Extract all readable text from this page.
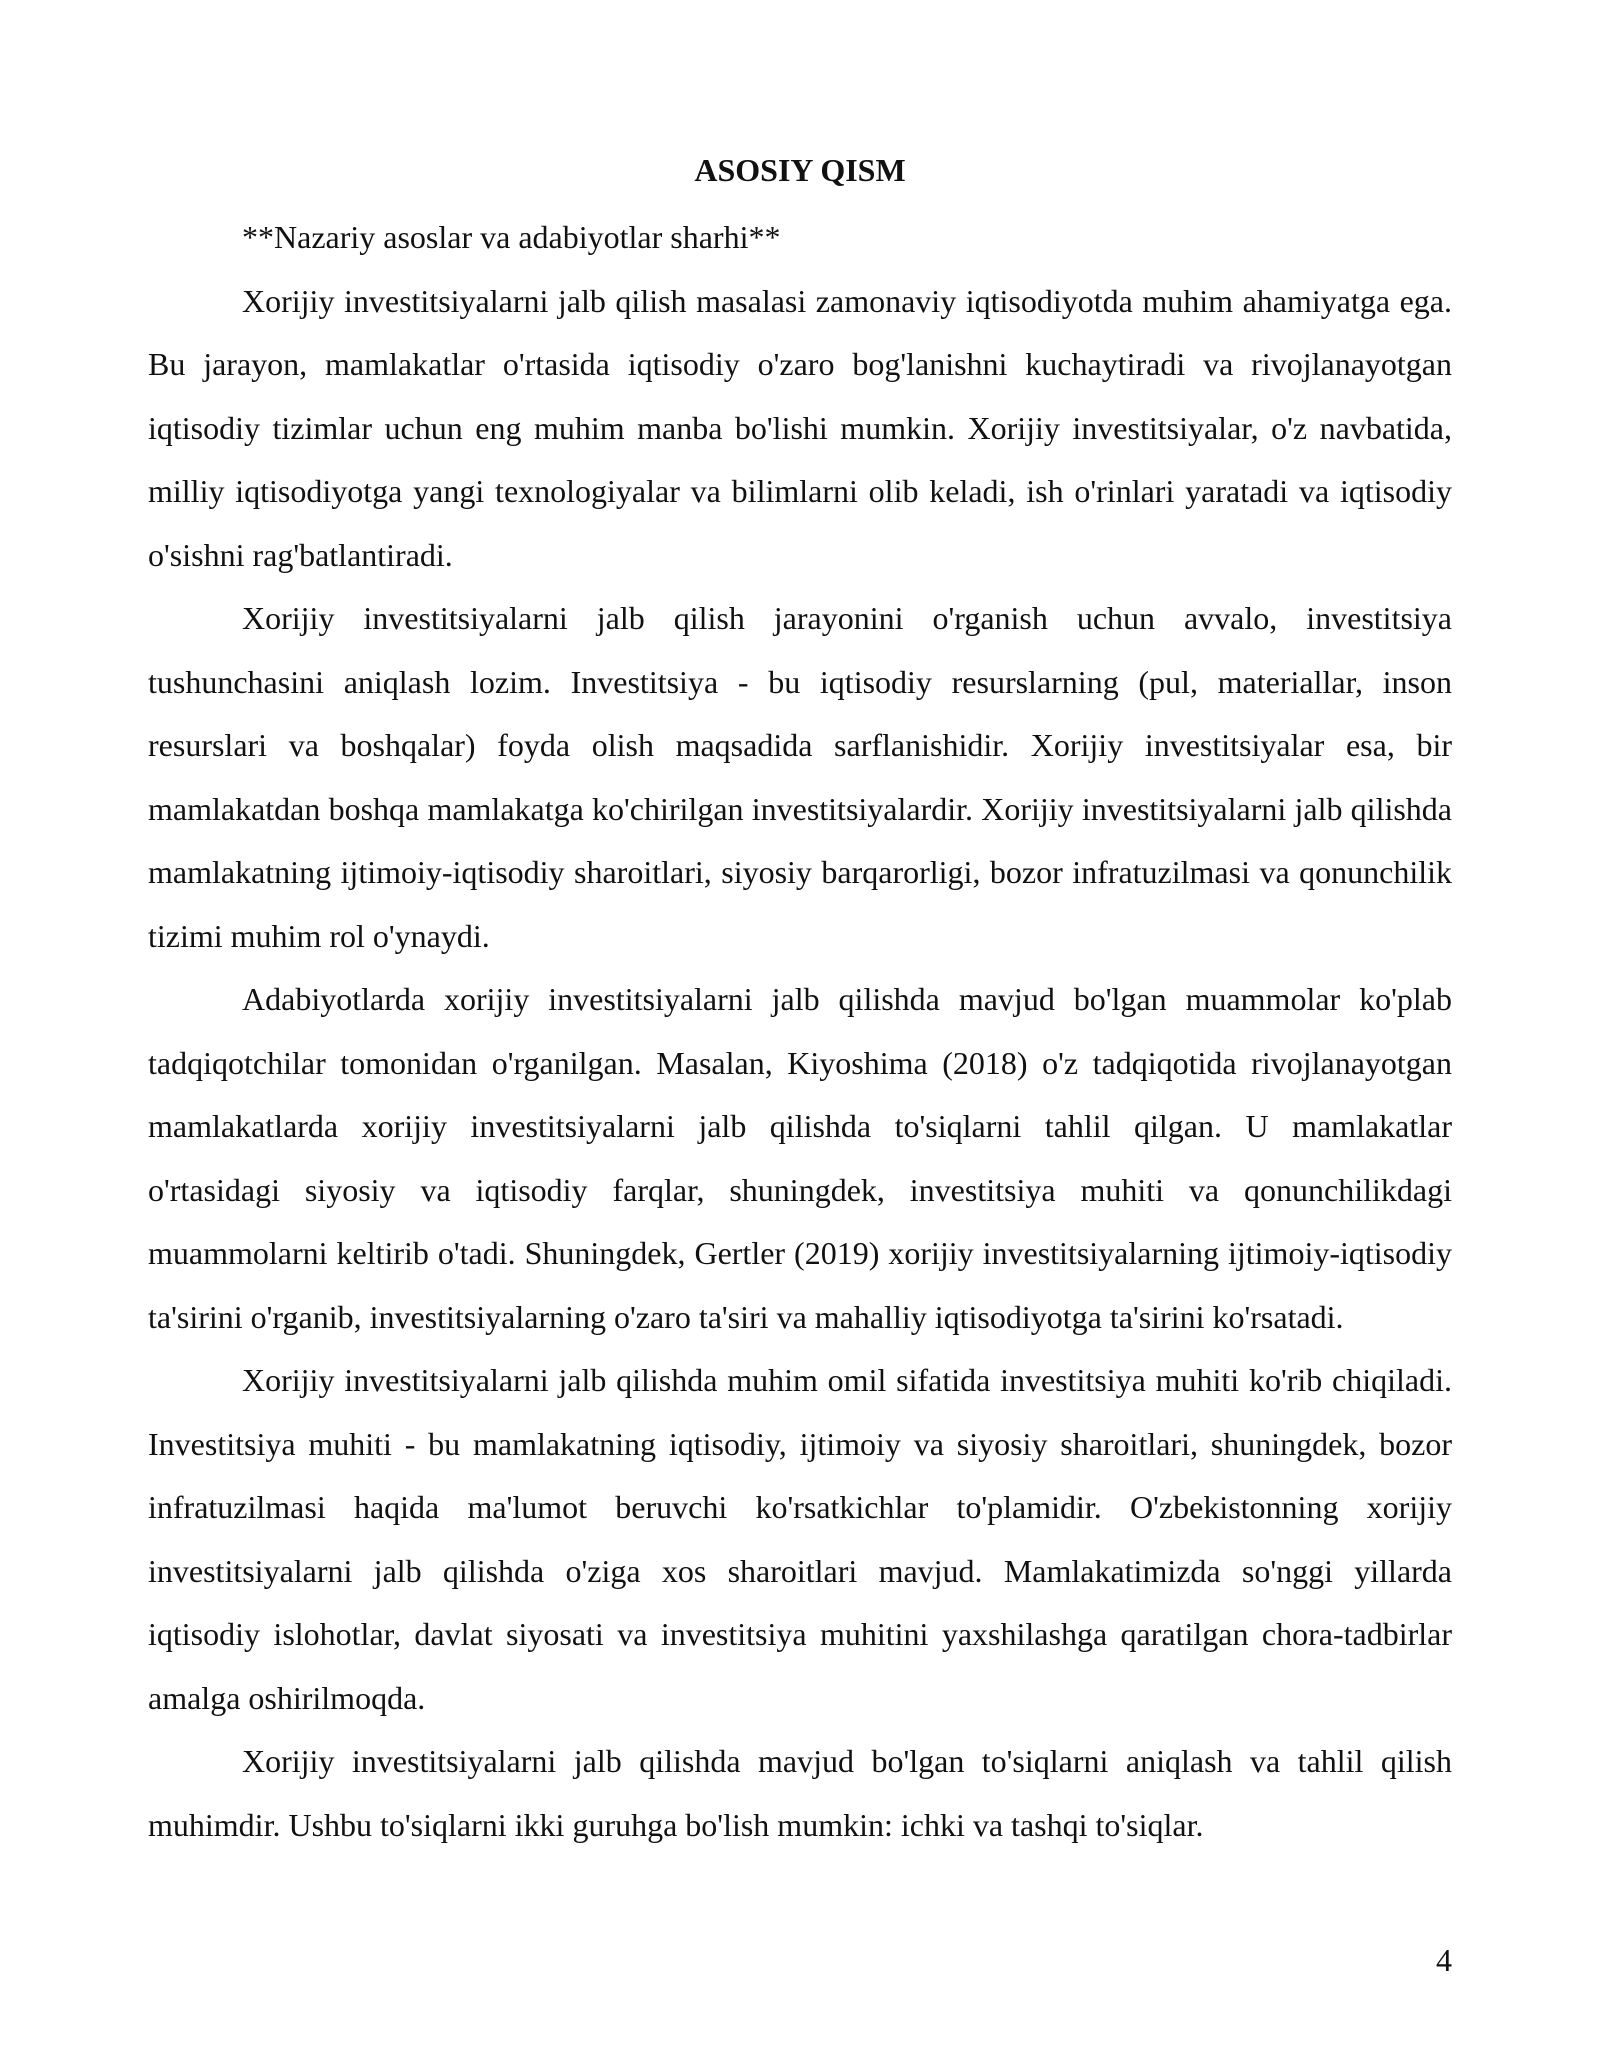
ASOSIY QISM

**Nazariy asoslar va adabiyotlar sharhi**

Xorijiy investitsiyalarni jalb qilish masalasi zamonaviy iqtisodiyotda muhim ahamiyatga ega. Bu jarayon, mamlakatlar o'rtasida iqtisodiy o'zaro bog'lanishni kuchaytiradi va rivojlanayotgan iqtisodiy tizimlar uchun eng muhim manba bo'lishi mumkin. Xorijiy investitsiyalar, o'z navbatida, milliy iqtisodiyotga yangi texnologiyalar va bilimlarni olib keladi, ish o'rinlari yaratadi va iqtisodiy o'sishni rag'batlantiradi.

Xorijiy investitsiyalarni jalb qilish jarayonini o'rganish uchun avvalo, investitsiya tushunchasini aniqlash lozim. Investitsiya - bu iqtisodiy resurslarning (pul, materiallar, inson resurslari va boshqalar) foyda olish maqsadida sarflanishidir. Xorijiy investitsiyalar esa, bir mamlakatdan boshqa mamlakatga ko'chirilgan investitsiyalardir. Xorijiy investitsiyalarni jalb qilishda mamlakatning ijtimoiy-iqtisodiy sharoitlari, siyosiy barqarorligi, bozor infratuzilmasi va qonunchilik tizimi muhim rol o'ynaydi.

Adabiyotlarda xorijiy investitsiyalarni jalb qilishda mavjud bo'lgan muammolar ko'plab tadqiqotchilar tomonidan o'rganilgan. Masalan, Kiyoshima (2018) o'z tadqiqotida rivojlanayotgan mamlakatlarda xorijiy investitsiyalarni jalb qilishda to'siqlarni tahlil qilgan. U mamlakatlar o'rtasidagi siyosiy va iqtisodiy farqlar, shuningdek, investitsiya muhiti va qonunchilikdagi muammolarni keltirib o'tadi. Shuningdek, Gertler (2019) xorijiy investitsiyalarning ijtimoiy-iqtisodiy ta'sirini o'rganib, investitsiyalarning o'zaro ta'siri va mahalliy iqtisodiyotga ta'sirini ko'rsatadi.

Xorijiy investitsiyalarni jalb qilishda muhim omil sifatida investitsiya muhiti ko'rib chiqiladi. Investitsiya muhiti - bu mamlakatning iqtisodiy, ijtimoiy va siyosiy sharoitlari, shuningdek, bozor infratuzilmasi haqida ma'lumot beruvchi ko'rsatkichlar to'plamidir. O'zbekistonning xorijiy investitsiyalarni jalb qilishda o'ziga xos sharoitlari mavjud. Mamlakatimizda so'nggi yillarda iqtisodiy islohotlar, davlat siyosati va investitsiya muhitini yaxshilashga qaratilgan chora-tadbirlar amalga oshirilmoqda.

Xorijiy investitsiyalarni jalb qilishda mavjud bo'lgan to'siqlarni aniqlash va tahlil qilish muhimdir. Ushbu to'siqlarni ikki guruhga bo'lish mumkin: ichki va tashqi to'siqlar.

4
